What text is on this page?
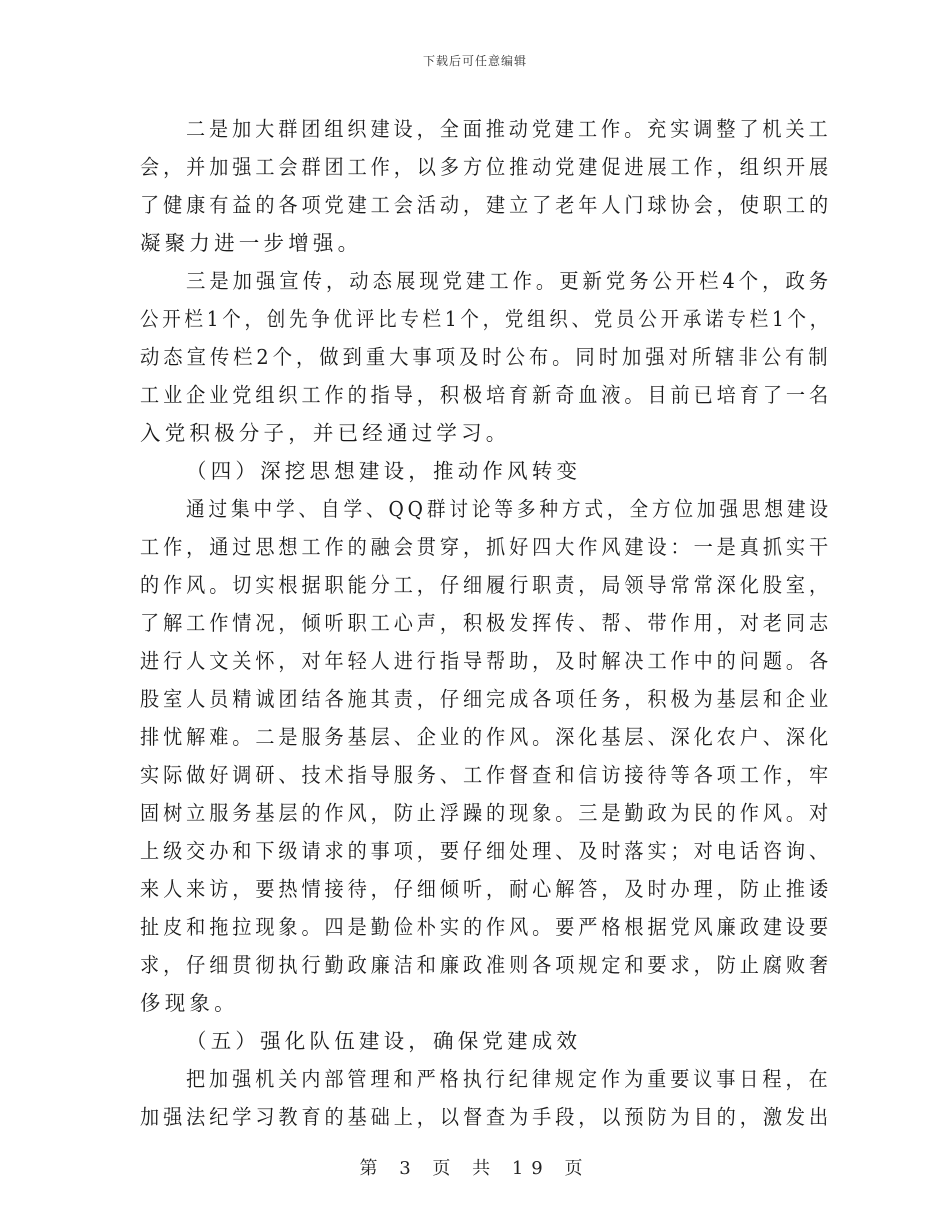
下载后可任意编辑
二是加大群团组织建设，全面推动党建工作。充实调整了机关工
会，并加强工会群团工作，以多方位推动党建促进展工作，组织开展
了健康有益的各项党建工会活动，建立了老年人门球协会，使职工的
凝聚力进一步增强。
三是加强宣传，动态展现党建工作。更新党务公开栏4个，政务
公开栏1个，创先争优评比专栏1个，党组织、党员公开承诺专栏1个，
动态宣传栏2个，做到重大事项及时公布。同时加强对所辖非公有制
工业企业党组织工作的指导，积极培育新奇血液。目前已培育了一名
入党积极分子，并已经通过学习。
（四）深挖思想建设，推动作风转变
通过集中学、自学、QQ群讨论等多种方式，全方位加强思想建设
工作，通过思想工作的融会贯穿，抓好四大作风建设：一是真抓实干
的作风。切实根据职能分工，仔细履行职责，局领导常常深化股室，
了解工作情况，倾听职工心声，积极发挥传、帮、带作用，对老同志
进行人文关怀，对年轻人进行指导帮助，及时解决工作中的问题。各
股室人员精诚团结各施其责，仔细完成各项任务，积极为基层和企业
排忧解难。二是服务基层、企业的作风。深化基层、深化农户、深化
实际做好调研、技术指导服务、工作督查和信访接待等各项工作，牢
固树立服务基层的作风，防止浮躁的现象。三是勤政为民的作风。对
上级交办和下级请求的事项，要仔细处理、及时落实；对电话咨询、
来人来访，要热情接待，仔细倾听，耐心解答，及时办理，防止推诿
扯皮和拖拉现象。四是勤俭朴实的作风。要严格根据党风廉政建设要
求，仔细贯彻执行勤政廉洁和廉政准则各项规定和要求，防止腐败奢
侈现象。
（五）强化队伍建设，确保党建成效
把加强机关内部管理和严格执行纪律规定作为重要议事日程，在
加强法纪学习教育的基础上，以督查为手段，以预防为目的，激发出
第 3 页 共 19 页
